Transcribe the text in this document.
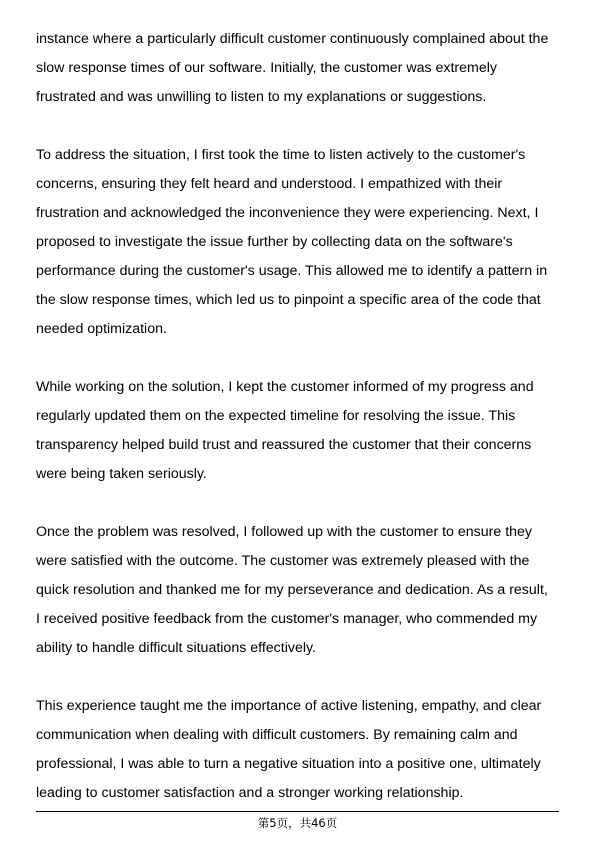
instance where a particularly difficult customer continuously complained about the
slow response times of our software. Initially, the customer was extremely
frustrated and was unwilling to listen to my explanations or suggestions.
To address the situation, I first took the time to listen actively to the customer's
concerns, ensuring they felt heard and understood. I empathized with their
frustration and acknowledged the inconvenience they were experiencing. Next, I
proposed to investigate the issue further by collecting data on the software's
performance during the customer's usage. This allowed me to identify a pattern in
the slow response times, which led us to pinpoint a specific area of the code that
needed optimization.
While working on the solution, I kept the customer informed of my progress and
regularly updated them on the expected timeline for resolving the issue. This
transparency helped build trust and reassured the customer that their concerns
were being taken seriously.
Once the problem was resolved, I followed up with the customer to ensure they
were satisfied with the outcome. The customer was extremely pleased with the
quick resolution and thanked me for my perseverance and dedication. As a result,
I received positive feedback from the customer's manager, who commended my
ability to handle difficult situations effectively.
This experience taught me the importance of active listening, empathy, and clear
communication when dealing with difficult customers. By remaining calm and
professional, I was able to turn a negative situation into a positive one, ultimately
leading to customer satisfaction and a stronger working relationship.
第5页，共46页
